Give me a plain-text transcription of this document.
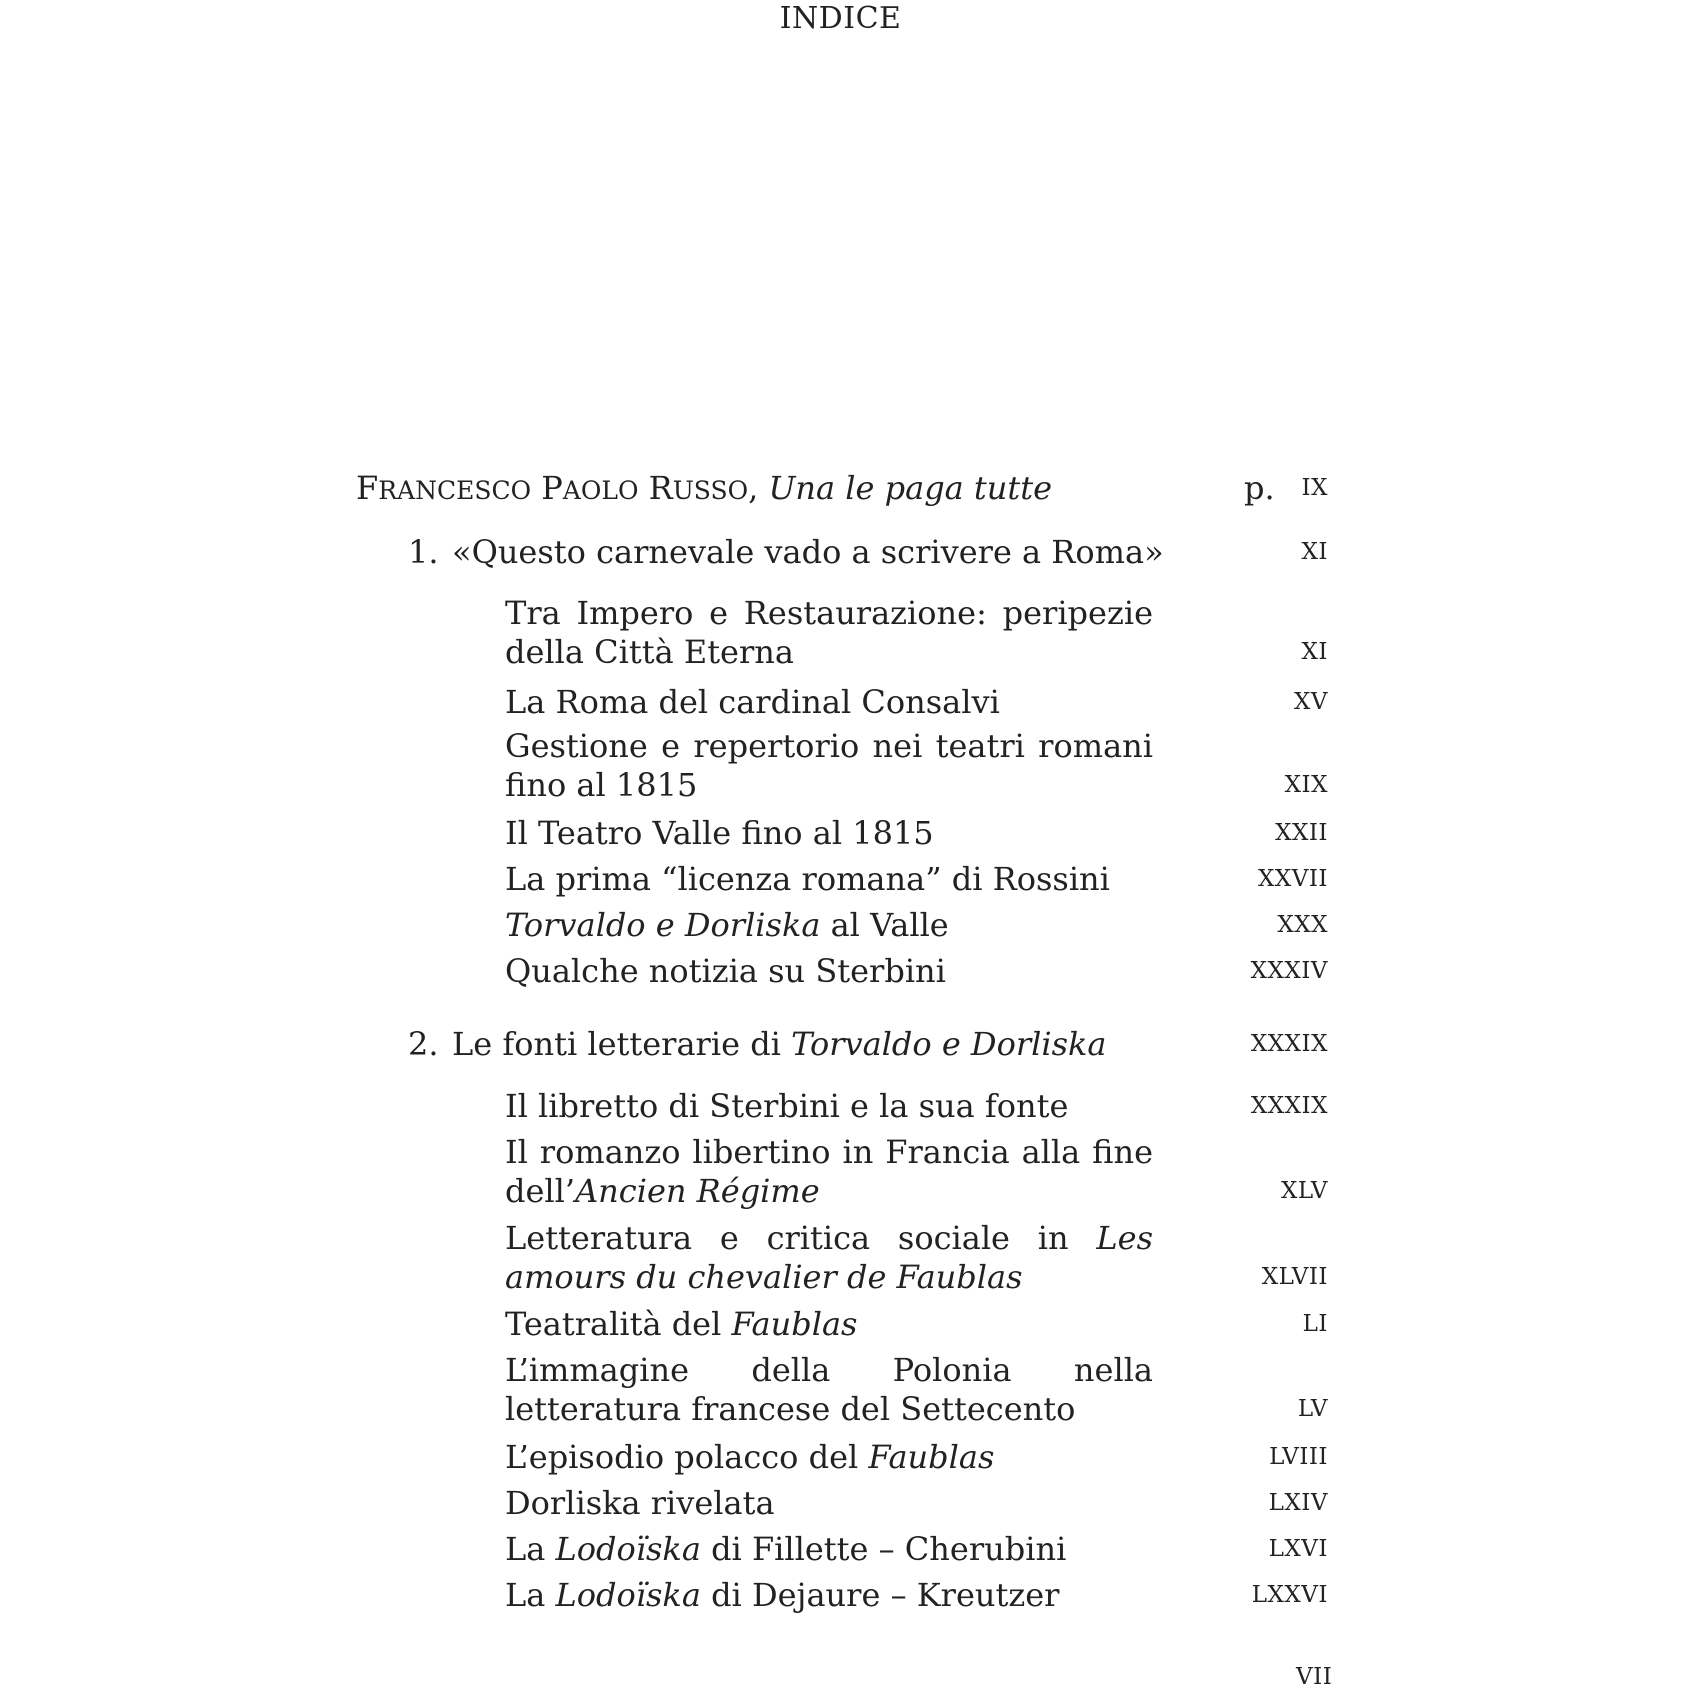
INDICE
FRANCESCO PAOLO RUSSO, Una le paga tutte	p. IX
1. «Questo carnevale vado a scrivere a Roma»	XI
Tra Impero e Restaurazione: peripezie della Città Eterna	XI
La Roma del cardinal Consalvi	XV
Gestione e repertorio nei teatri romani fino al 1815	XIX
Il Teatro Valle fino al 1815	XXII
La prima “licenza romana” di Rossini	XXVII
Torvaldo e Dorliska al Valle	XXX
Qualche notizia su Sterbini	XXXIV
2. Le fonti letterarie di Torvaldo e Dorliska	XXXIX
Il libretto di Sterbini e la sua fonte	XXXIX
Il romanzo libertino in Francia alla fine dell’Ancien Régime	XLV
Letteratura e critica sociale in Les amours du chevalier de Faublas	XLVII
Teatralità del Faublas	LI
L’immagine della Polonia nella letteratura francese del Settecento	LV
L’episodio polacco del Faublas	LVIII
Dorliska rivelata	LXIV
La Lodoïska di Fillette – Cherubini	LXVI
La Lodoïska di Dejaure – Kreutzer	LXXVI
VII
